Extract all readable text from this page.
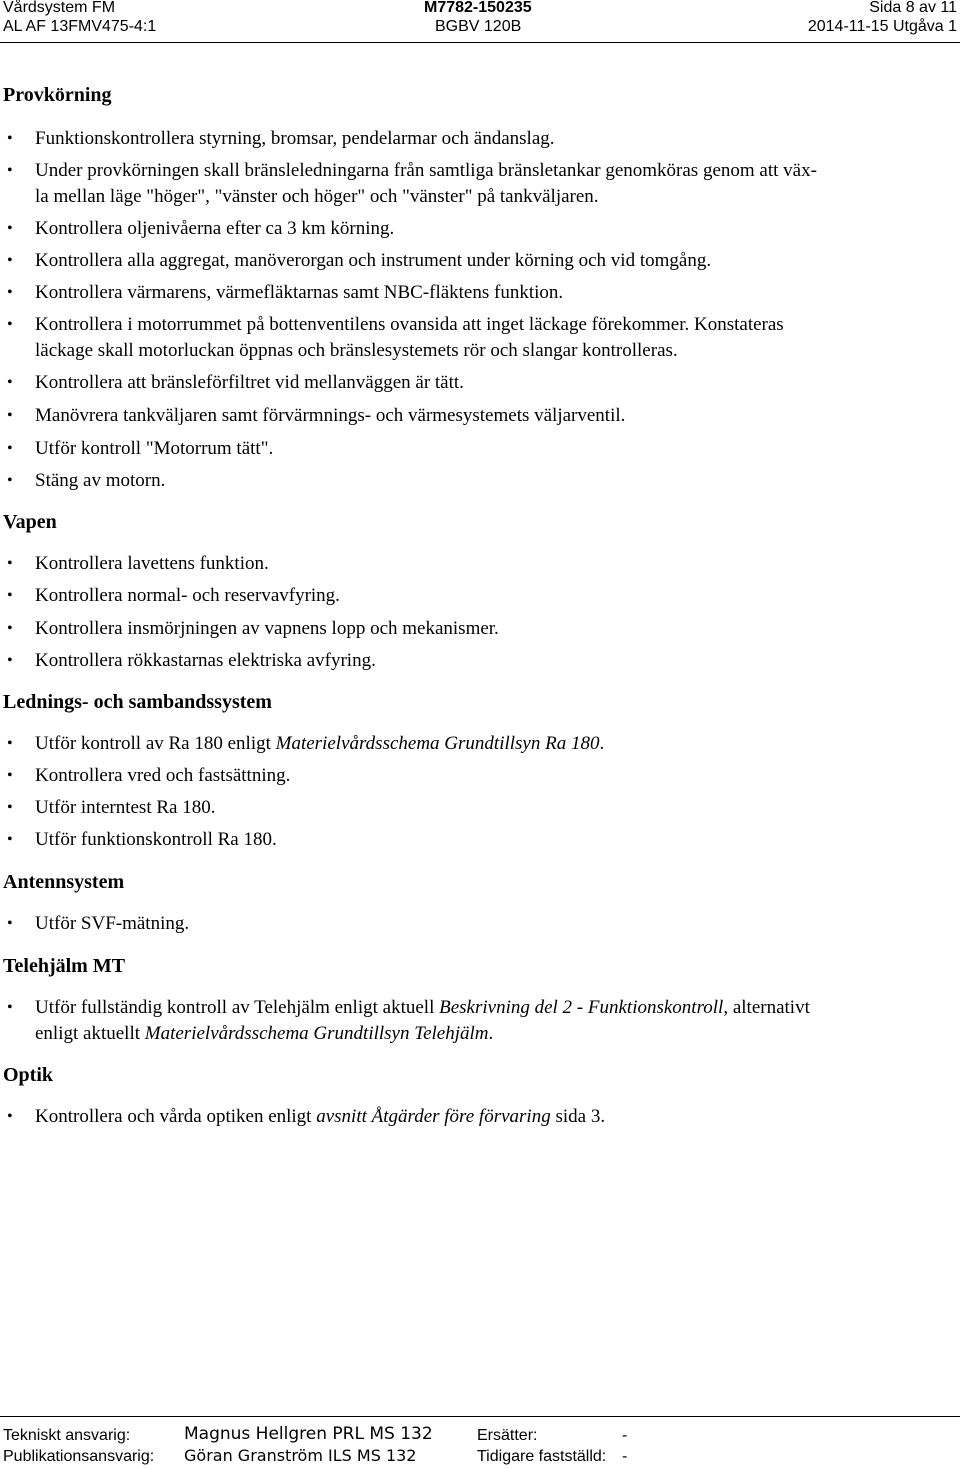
Vårdsystem FM
AL AF 13FMV475-4:1
M7782-150235
BGBV 120B
Sida 8 av 11
2014-11-15 Utgåva 1
Provkörning
• Funktionskontrollera styrning, bromsar, pendelarmar och ändanslag.
• Under provkörningen skall bränsleledningarna från samtliga bränsletankar genomköras genom att väx-
la mellan läge "höger", "vänster och höger" och "vänster" på tankväljaren.
• Kontrollera oljenivåerna efter ca 3 km körning.
• Kontrollera alla aggregat, manöverorgan och instrument under körning och vid tomgång.
• Kontrollera värmarens, värmefläktarnas samt NBC-fläktens funktion.
• Kontrollera i motorrummet på bottenventilens ovansida att inget läckage förekommer. Konstateras
läckage skall motorluckan öppnas och bränslesystemets rör och slangar kontrolleras.
• Kontrollera att bränsleförfiltret vid mellanväggen är tätt.
• Manövrera tankväljaren samt förvärmnings- och värmesystemets väljarventil.
• Utför kontroll "Motorrum tätt".
• Stäng av motorn.
Vapen
• Kontrollera lavettens funktion.
• Kontrollera normal- och reservavfyring.
• Kontrollera insmörjningen av vapnens lopp och mekanismer.
• Kontrollera rökkastarnas elektriska avfyring.
Lednings- och sambandssystem
• Utför kontroll av Ra 180 enligt Materielvårdsschema Grundtillsyn Ra 180.
• Kontrollera vred och fastsättning.
• Utför interntest Ra 180.
• Utför funktionskontroll Ra 180.
Antennsystem
• Utför SVF-mätning.
Telehjälm MT
• Utför fullständig kontroll av Telehjälm enligt aktuell Beskrivning del 2 - Funktionskontroll, alternativt
enligt aktuellt Materielvårdsschema Grundtillsyn Telehjälm.
Optik
• Kontrollera och vårda optiken enligt avsnitt Åtgärder före förvaring sida 3.
Tekniskt ansvarig:	Magnus Hellgren PRL MS 132	Ersätter:	-
Publikationsansvarig: Göran Granström ILS MS 132	Tidigare fastställd: -
